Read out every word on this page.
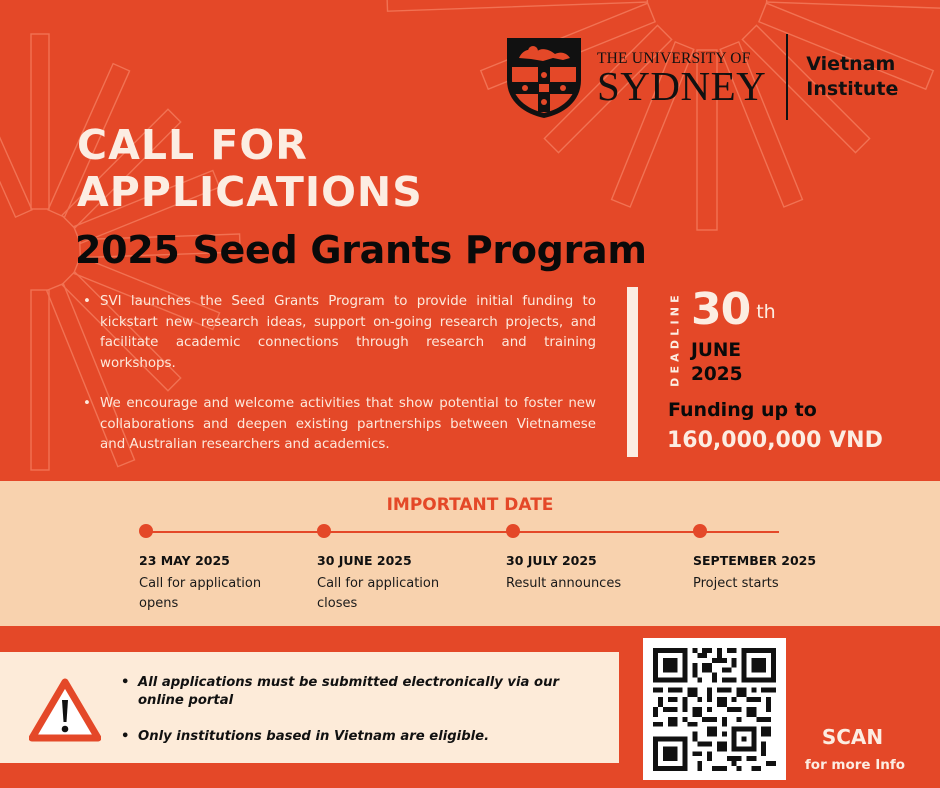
THE UNIVERSITY OF
SYDNEY Vietnam
Institute
CALL FOR
APPLICATIONS
2025 Seed Grants Program
• SVI launches the Seed Grants Program to provide initial funding to kickstart new research ideas, support on-going research projects, and facilitate academic connections through research and training workshops.
• We encourage and welcome activities that show potential to foster new collaborations and deepen existing partnerships between Vietnamese and Australian researchers and academics.
DEADLINE 30 $^{th}$
JUNE
2025
Funding up to
160,000,000 VND
IMPORTANT DATE
23 MAY 2025
Call for application opens
30 JUNE 2025
Call for application closes
30 JULY 2025
Result announces
SEPTEMBER 2025
Project starts
• All applications must be submitted electronically via our online portal
• Only institutions based in Vietnam are eligible.	SCAN
for more Info
